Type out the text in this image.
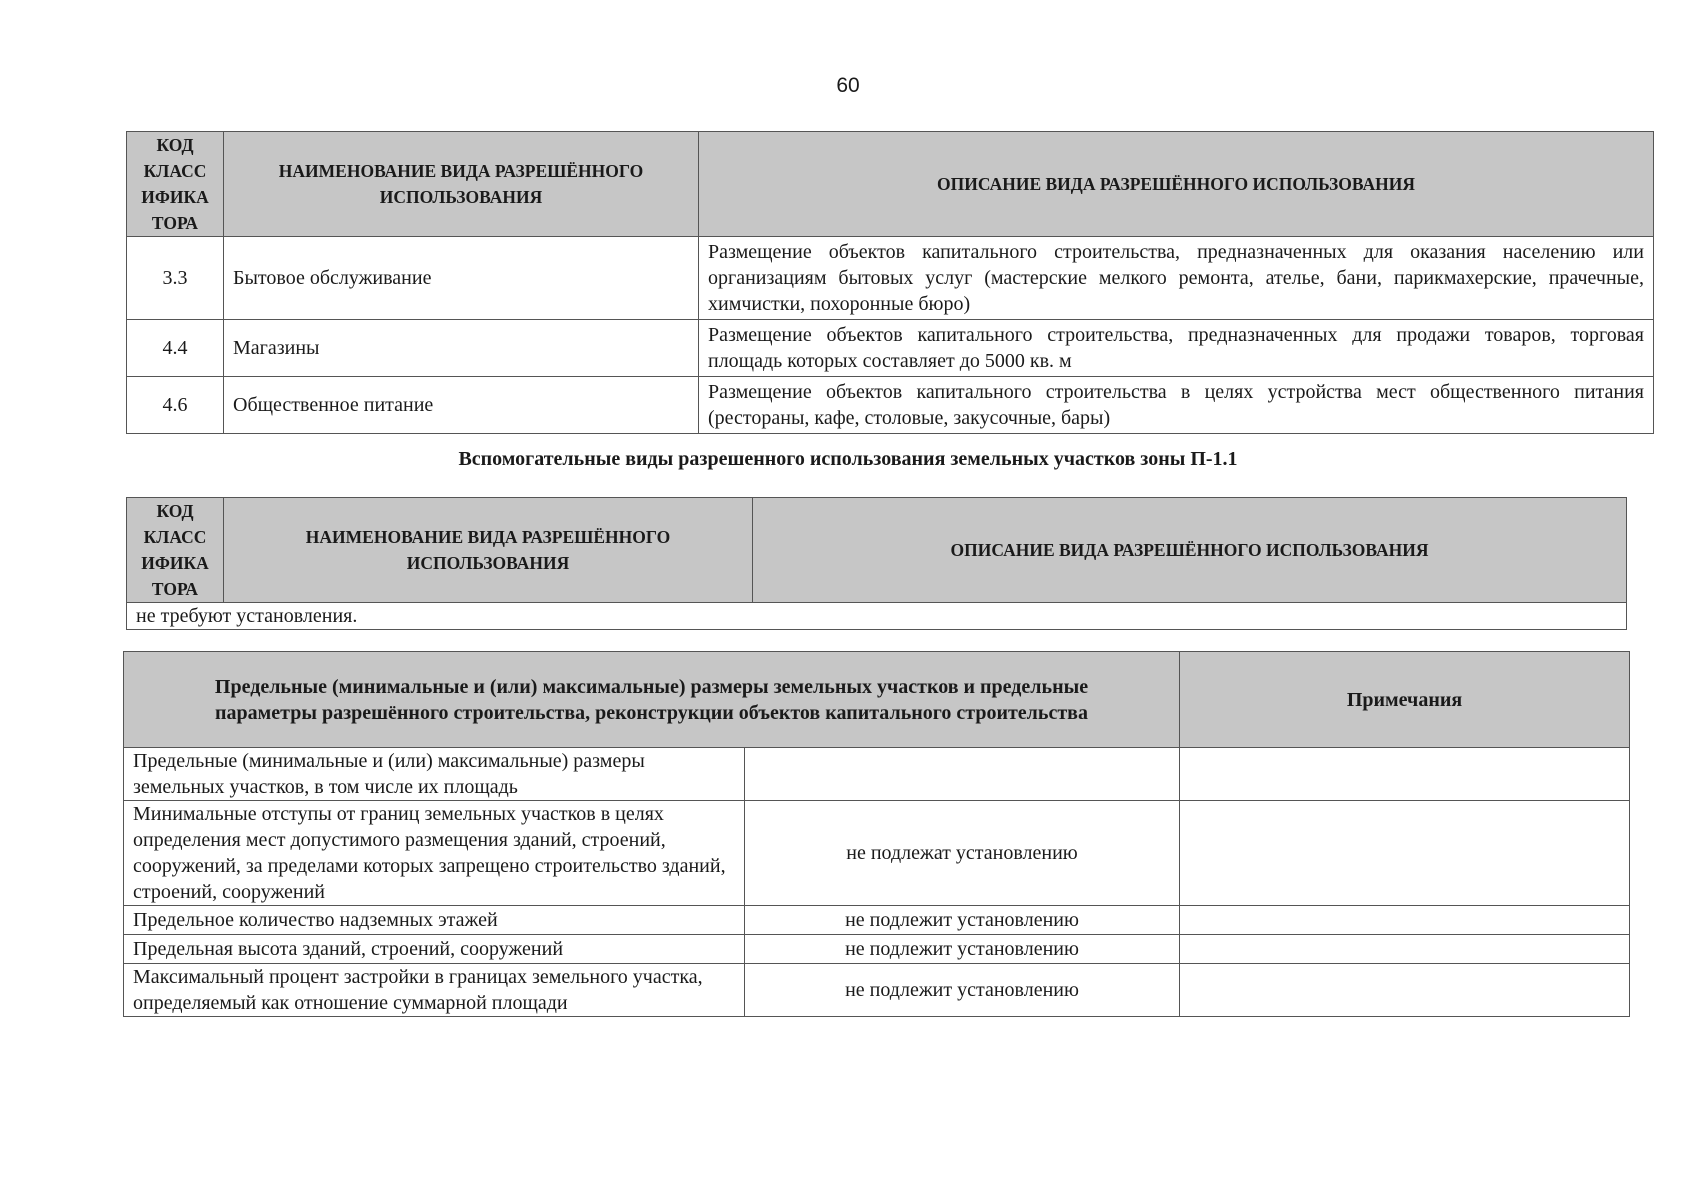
60
КОД КЛАСС ИФИКА ТОРА	НАИМЕНОВАНИЕ ВИДА РАЗРЕШЁННОГО ИСПОЛЬЗОВАНИЯ	ОПИСАНИЕ ВИДА РАЗРЕШЁННОГО ИСПОЛЬЗОВАНИЯ
3.3	Бытовое обслуживание	Размещение объектов капитального строительства, предназначенных для оказания населению или организациям бытовых услуг (мастерские мелкого ремонта, ателье, бани, парикмахерские, прачечные, химчистки, похоронные бюро)
4.4	Магазины	Размещение объектов капитального строительства, предназначенных для продажи товаров, торговая площадь которых составляет до 5000 кв. м
4.6	Общественное питание	Размещение объектов капитального строительства в целях устройства мест общественного питания (рестораны, кафе, столовые, закусочные, бары)
Вспомогательные виды разрешенного использования земельных участков зоны П-1.1
КОД КЛАСС ИФИКА ТОРА	НАИМЕНОВАНИЕ ВИДА РАЗРЕШЁННОГО ИСПОЛЬЗОВАНИЯ	ОПИСАНИЕ ВИДА РАЗРЕШЁННОГО ИСПОЛЬЗОВАНИЯ
не требуют установления.
Предельные (минимальные и (или) максимальные) размеры земельных участков и предельные параметры разрешённого строительства, реконструкции объектов капитального строительства		Примечания
Предельные (минимальные и (или) максимальные) размеры земельных участков, в том числе их площадь		
Минимальные отступы от границ земельных участков в целях определения мест допустимого размещения зданий, строений, сооружений, за пределами которых запрещено строительство зданий, строений, сооружений	не подлежат установлению	
Предельное количество надземных этажей	не подлежит установлению	
Предельная высота зданий, строений, сооружений	не подлежит установлению	
Максимальный процент застройки в границах земельного участка, определяемый как отношение суммарной площади	не подлежит установлению	
